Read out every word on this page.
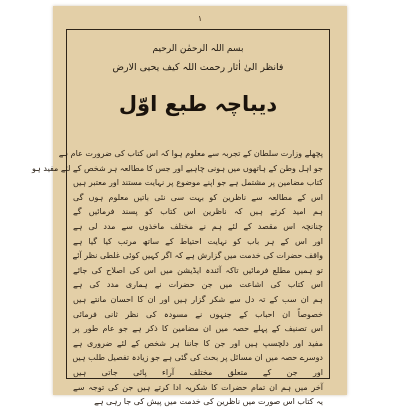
۱
بسم اللہ الرحمٰن الرحیم
فانظر الیٰ اٰثار رحمت اللہ کیف یحیی الارض
دیباچہ طبع اوّل
پچھلے وزارت سلطان کے تجربہ سے معلوم ہوا کہ اس کتاب کی ضرورت عام ہے
جو اہل وطن کے ہاتھوں میں ہونی چاہیے اور جس کا مطالعہ ہر شخص کے لئے مفید ہو
کتاب مضامین پر مشتمل ہے جو اپنے موضوع پر نہایت مستند اور معتبر ہیں
اس کے مطالعہ سے ناظرین کو بہت سی نئی باتیں معلوم ہوں گی
ہم امید کرتے ہیں کہ ناظرین اس کتاب کو پسند فرمائیں گے
چنانچہ اس مقصد کے لئے ہم نے مختلف ماخذوں سے مدد لی ہے
اور اس کے ہر باب کو نہایت احتیاط کے ساتھ مرتب کیا گیا ہے
واقف حضرات کی خدمت میں گزارش ہے کہ اگر کہیں کوئی غلطی نظر آئے
تو ہمیں مطلع فرمائیں تاکہ آئندہ ایڈیشن میں اس کی اصلاح کی جائے
اس کتاب کی اشاعت میں جن حضرات نے ہماری مدد کی ہے
ہم ان سب کے تہ دل سے شکر گزار ہیں اور ان کا احسان مانتے ہیں
خصوصاً ان احباب کے جنہوں نے مسودہ کی نظر ثانی فرمائی
اس تصنیف کے پہلے حصہ میں ان مضامین کا ذکر ہے جو عام طور پر
مفید اور دلچسپ ہیں اور جن کا جاننا ہر شخص کے لئے ضروری ہے
دوسرے حصہ میں ان مسائل پر بحث کی گئی ہے جو زیادہ تفصیل طلب ہیں
اور جن کے متعلق مختلف آراء پائی جاتی ہیں
آخر میں ہم ان تمام حضرات کا شکریہ ادا کرتے ہیں جن کی توجہ سے
یہ کتاب اس صورت میں ناظرین کی خدمت میں پیش کی جا رہی ہے
